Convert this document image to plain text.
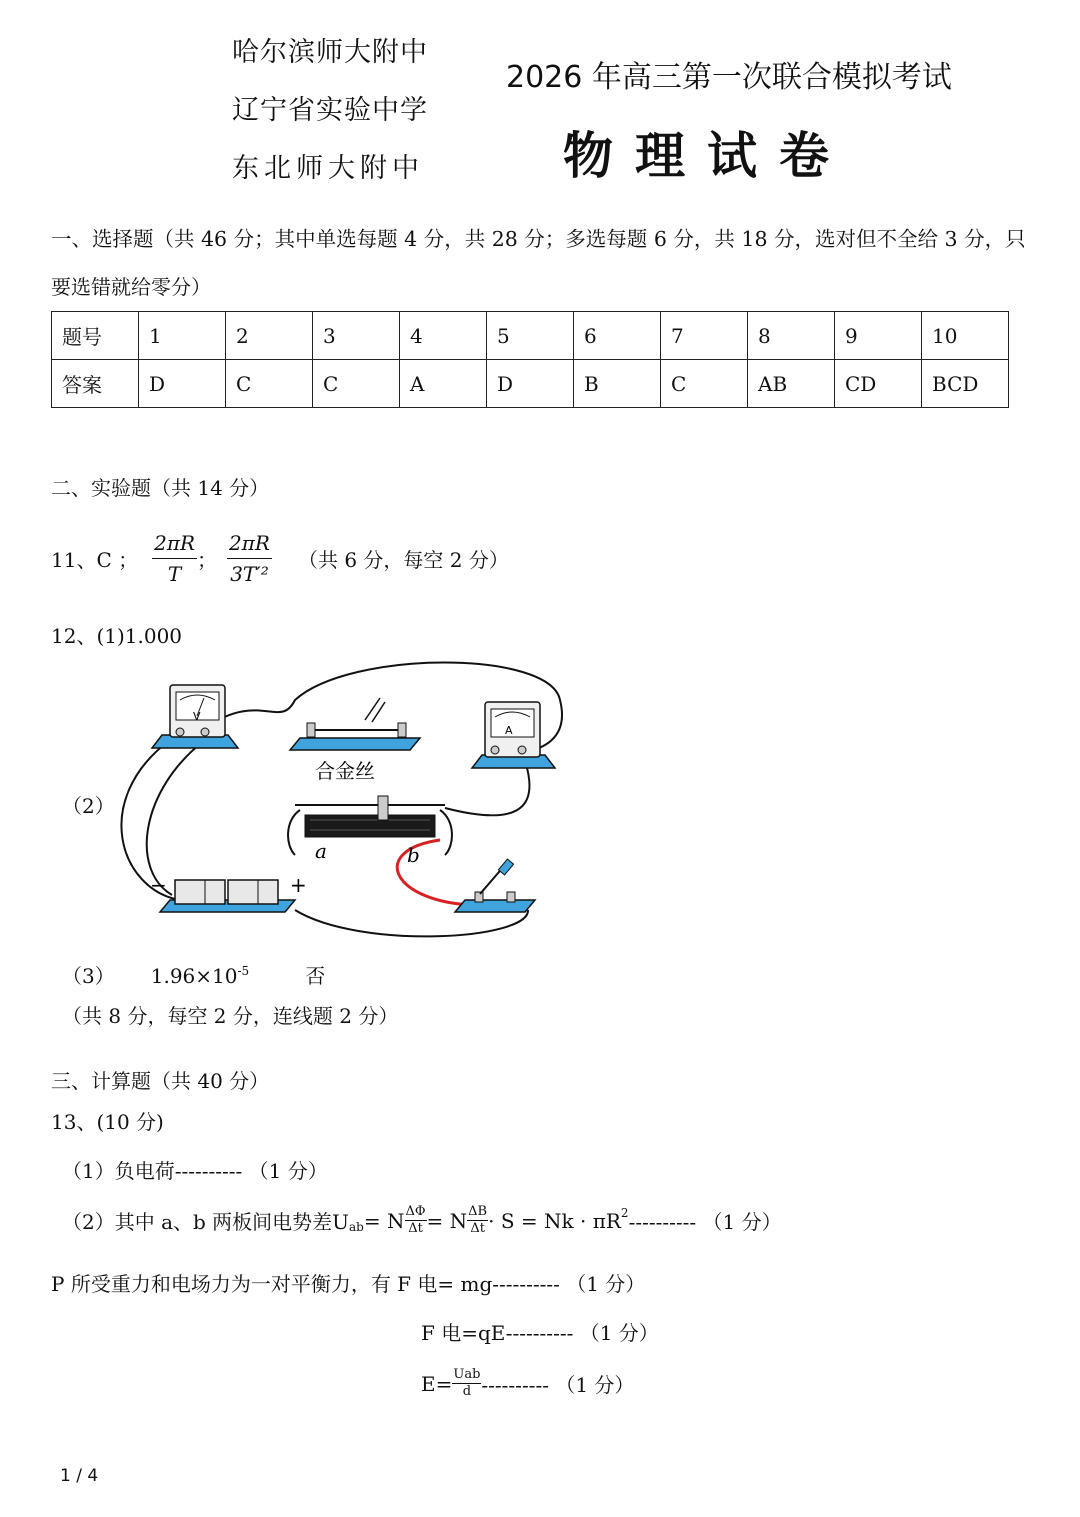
哈尔滨师大附中
辽宁省实验中学
东北师大附中
2026 年高三第一次联合模拟考试
物理试卷
一、选择题（共 46 分；其中单选每题 4 分，共 28 分；多选每题 6 分，共 18 分，选对但不全给 3 分，只
要选错就给零分）
题号	1	2	3	4	5	6	7	8	9	10
答案	D	C	C	A	D	B	C	AB	CD	BCD
二、实验题（共 14 分）
11、C ； $\frac{2\pi R}{T}$ ； $\frac{2\pi R}{\text{3T′²}}$ （共 6 分，每空 2 分）
12、(1)1.000
（2）
V
合金丝
A
a	b
−	+
（3） $1.96\times 10^{-5}$	否
（共 8 分，每空 2 分，连线题 2 分）
三、计算题（共 40 分）
13、(10 分)
（1）负电荷---------- （1 分）
（2）其中 a、b 两板间电势差$U_{ab} = N \frac{\Delta\Phi}{\Delta t} = N \frac{\Delta B}{\Delta t} \cdot S = Nk \cdot \pi R^2$ ---------- （1 分）
P 所受重力和电场力为一对平衡力，有 F 电= mg---------- （1 分）
F 电=qE---------- （1 分）
$E= \frac{\text{Uab}}{d}$ ---------- （1 分）
1 / 4
